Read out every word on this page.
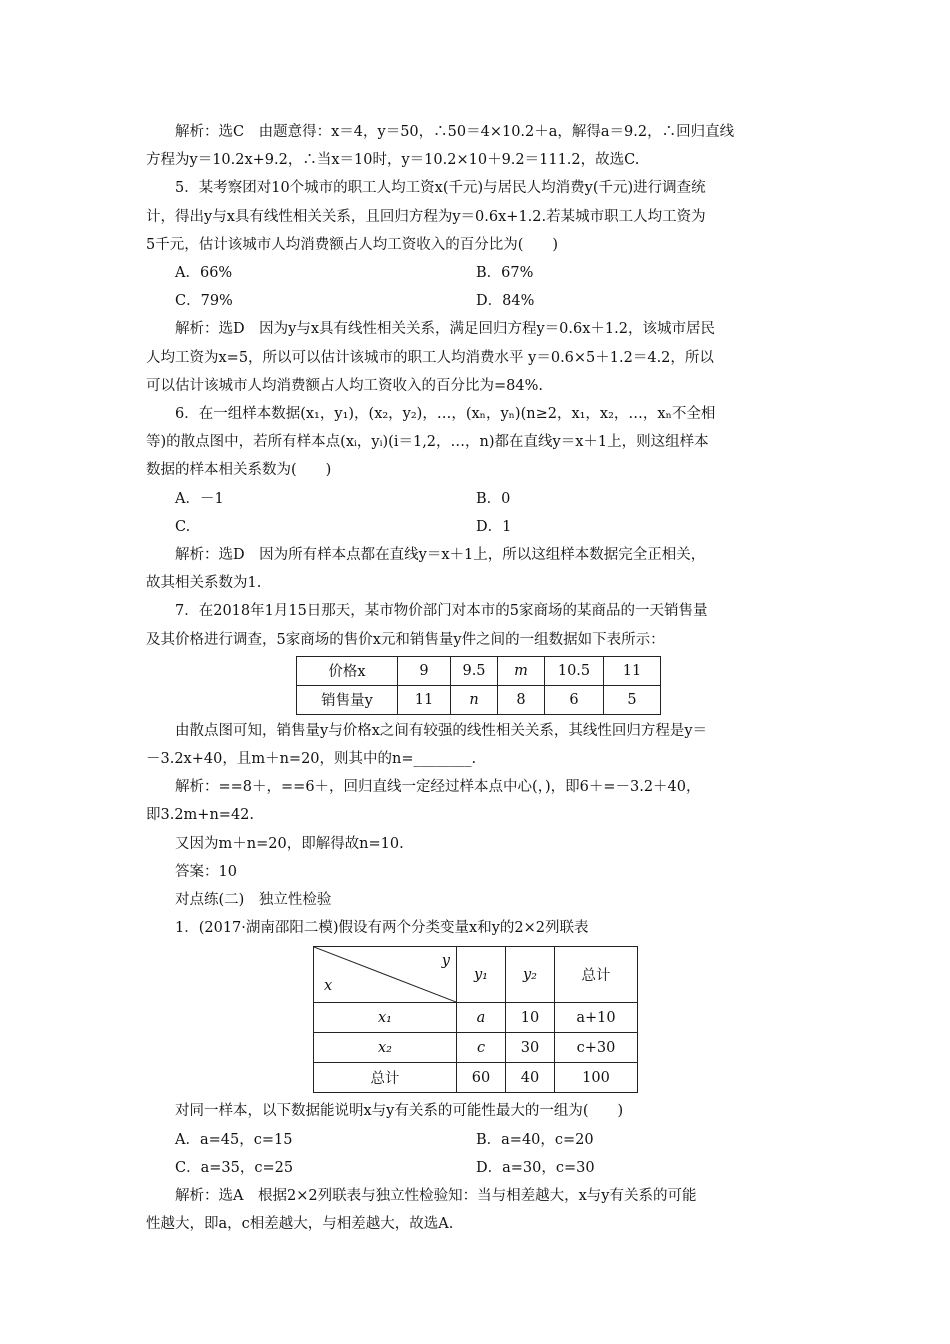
解析：选C　由题意得：x＝4，y＝50，∴50＝4×10.2＋a，解得a＝9.2，∴回归直线

方程为y＝10.2x+9.2，∴当x＝10时，y＝10.2×10＋9.2＝111.2，故选C.

5．某考察团对10个城市的职工人均工资x(千元)与居民人均消费y(千元)进行调查统

计，得出y与x具有线性相关关系，且回归方程为y＝0.6x+1.2.若某城市职工人均工资为

5千元，估计该城市人均消费额占人均工资收入的百分比为(　　)

A．66%	B．67%
C．79%	D．84%

解析：选D　因为y与x具有线性相关关系，满足回归方程y＝0.6x＋1.2，该城市居民

人均工资为x=5，所以可以估计该城市的职工人均消费水平 y＝0.6×5＋1.2＝4.2，所以

可以估计该城市人均消费额占人均工资收入的百分比为=84%.

6．在一组样本数据(x₁，y₁)，(x₂，y₂)，…，(xₙ，yₙ)(n≥2，x₁，x₂，…，xₙ不全相

等)的散点图中，若所有样本点(xᵢ，yᵢ)(i＝1,2，…，n)都在直线y＝x＋1上，则这组样本

数据的样本相关系数为(　　)

A．－1	B．0
C.	D．1

解析：选D　因为所有样本点都在直线y＝x＋1上，所以这组样本数据完全正相关，

故其相关系数为1.

7．在2018年1月15日那天，某市物价部门对本市的5家商场的某商品的一天销售量

及其价格进行调查，5家商场的售价x元和销售量y件之间的一组数据如下表所示：

价格x	9	9.5	m	10.5	11
销售量y	11	n	8	6	5

由散点图可知，销售量y与价格x之间有较强的线性相关关系，其线性回归方程是y＝

－3.2x+40，且m＋n=20，则其中的n=________.

解析：==8＋，==6＋，回归直线一定经过样本点中心(，)，即6＋=－3.2＋40，

即3.2m+n=42.

又因为m＋n=20，即解得故n=10.

答案：10

对点练(二)　独立性检验

1．(2017·湖南邵阳二模)假设有两个分类变量x和y的2×2列联表

y
x	y₁	y₂	总计
x₁	a	10	a+10
x₂	c	30	c+30
总计	60	40	100

对同一样本，以下数据能说明x与y有关系的可能性最大的一组为(　　)

A．a=45，c=15	B．a=40，c=20
C．a=35，c=25	D．a=30，c=30

解析：选A　根据2×2列联表与独立性检验知：当与相差越大，x与y有关系的可能

性越大，即a，c相差越大，与相差越大，故选A.
